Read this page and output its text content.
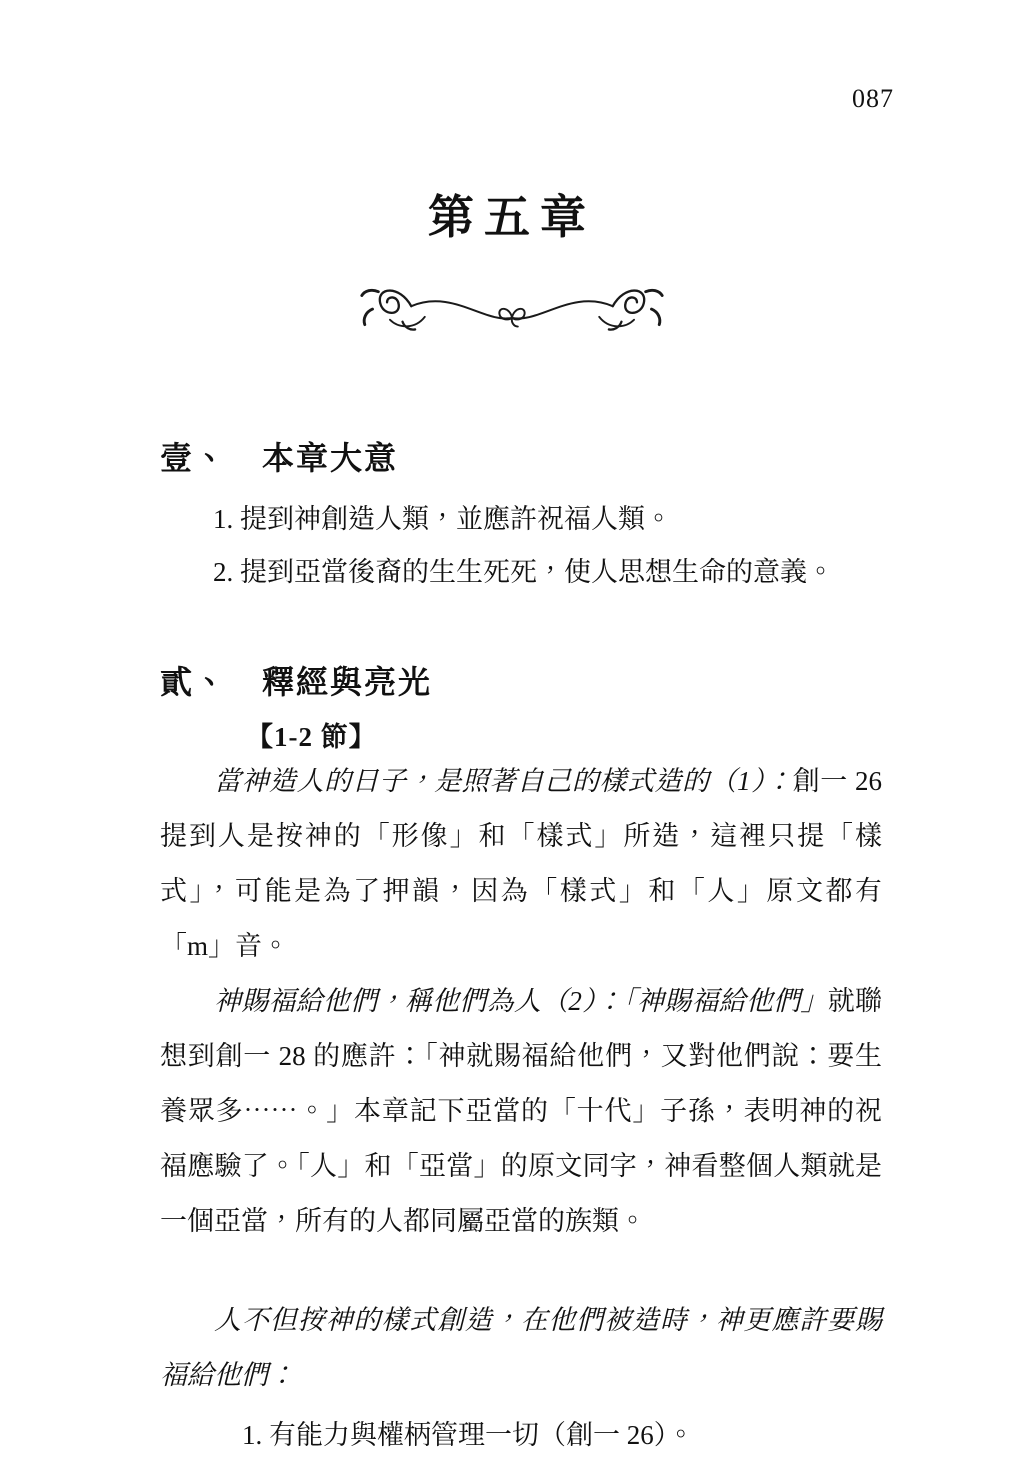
087
第五章
壹、　本章大意
1. 提到神創造人類，並應許祝福人類。
2. 提到亞當後裔的生生死死，使人思想生命的意義。
貳、　釋經與亮光
【1-2 節】

當神造人的日子，是照著自己的樣式造的（1）：創一 26 提到人是按神的「形像」和「樣式」所造，這裡只提「樣式」，可能是為了押韻，因為「樣式」和「人」原文都有「m」音。

神賜福給他們，稱他們為人（2）：「神賜福給他們」就聯想到創一 28 的應許：「神就賜福給他們，又對他們說：要生養眾多⋯⋯。」本章記下亞當的「十代」子孫，表明神的祝福應驗了。「人」和「亞當」的原文同字，神看整個人類就是一個亞當，所有的人都同屬亞當的族類。

人不但按神的樣式創造，在他們被造時，神更應許要賜福給他們：

1. 有能力與權柄管理一切（創一 26）。
